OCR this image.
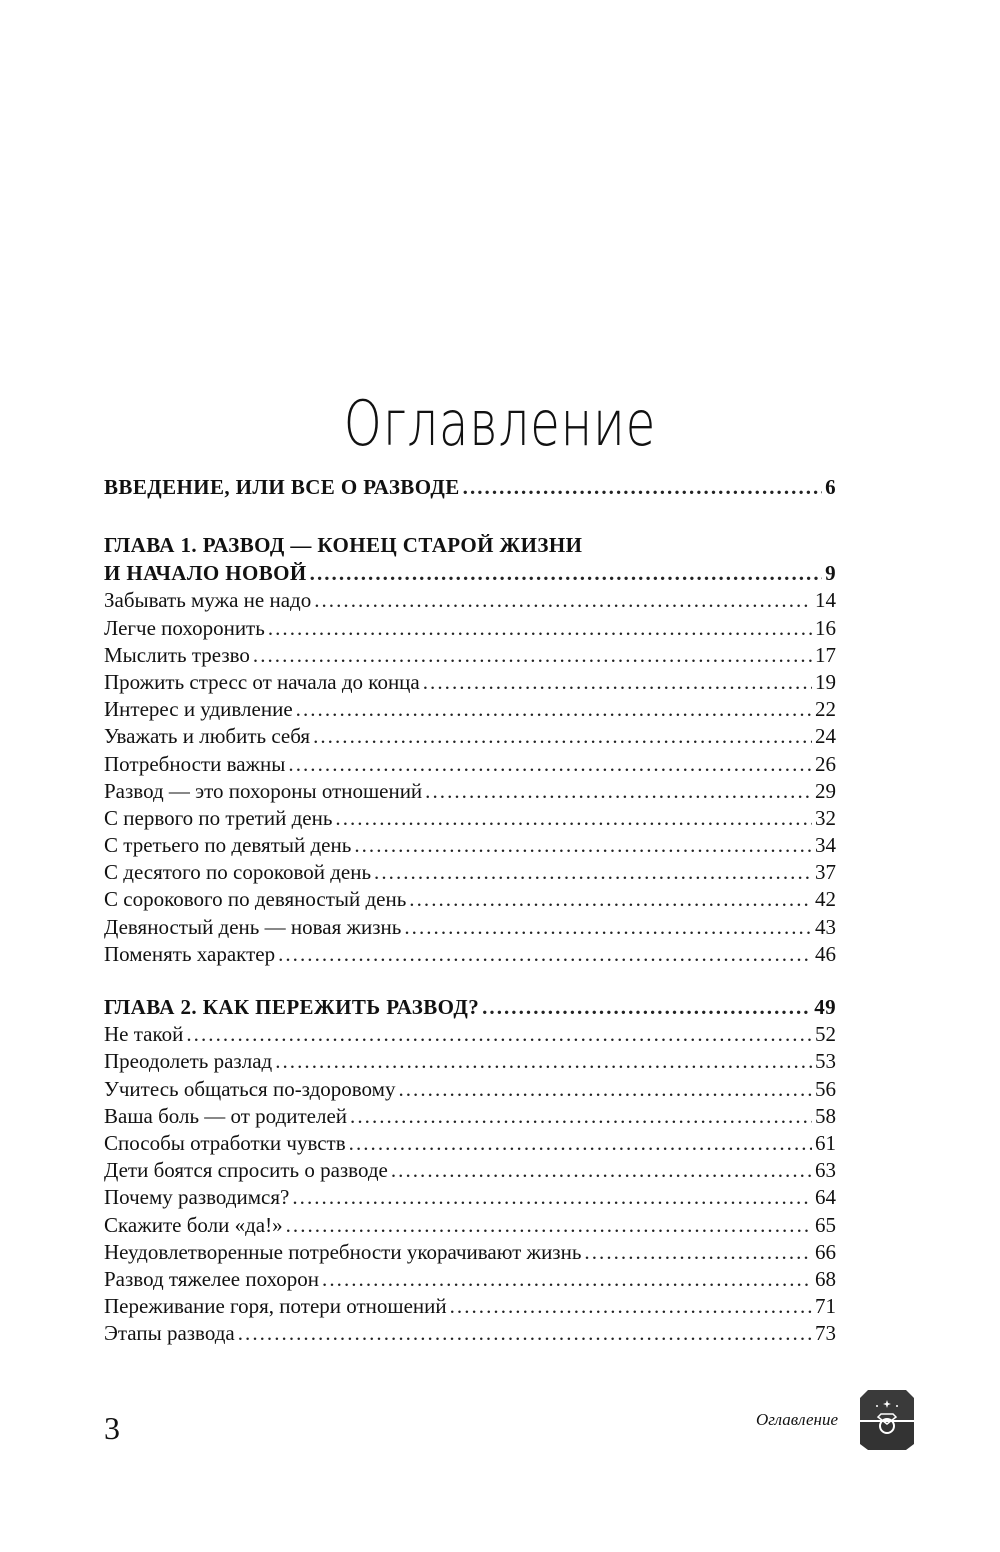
Оглавление
ВВЕДЕНИЕ, ИЛИ ВСЕ О РАЗВОДЕ . . .	6
ГЛАВА 1. РАЗВОД — КОНЕЦ СТАРОЙ ЖИЗНИ
И НАЧАЛО НОВОЙ . . .	9
Забывать мужа не надо . . .	14
Легче похоронить . . .	16
Мыслить трезво . . .	17
Прожить стресс от начала до конца . . .	19
Интерес и удивление . . .	22
Уважать и любить себя . . .	24
Потребности важны . . .	26
Развод — это похороны отношений . . .	29
С первого по третий день . . .	32
С третьего по девятый день . . .	34
С десятого по сороковой день . . .	37
С сорокового по девяностый день . . .	42
Девяностый день — новая жизнь . . .	43
Поменять характер . . .	46
ГЛАВА 2. КАК ПЕРЕЖИТЬ РАЗВОД? . . .	49
Не такой . . .	52
Преодолеть разлад . . .	53
Учитесь общаться по-здоровому . . .	56
Ваша боль — от родителей . . .	58
Способы отработки чувств . . .	61
Дети боятся спросить о разводе . . .	63
Почему разводимся? . . .	64
Скажите боли «да!» . . .	65
Неудовлетворенные потребности укорачивают жизнь . . .	66
Развод тяжелее похорон . . .	68
Переживание горя, потери отношений . . .	71
Этапы развода . . .	73
3	Оглавление
